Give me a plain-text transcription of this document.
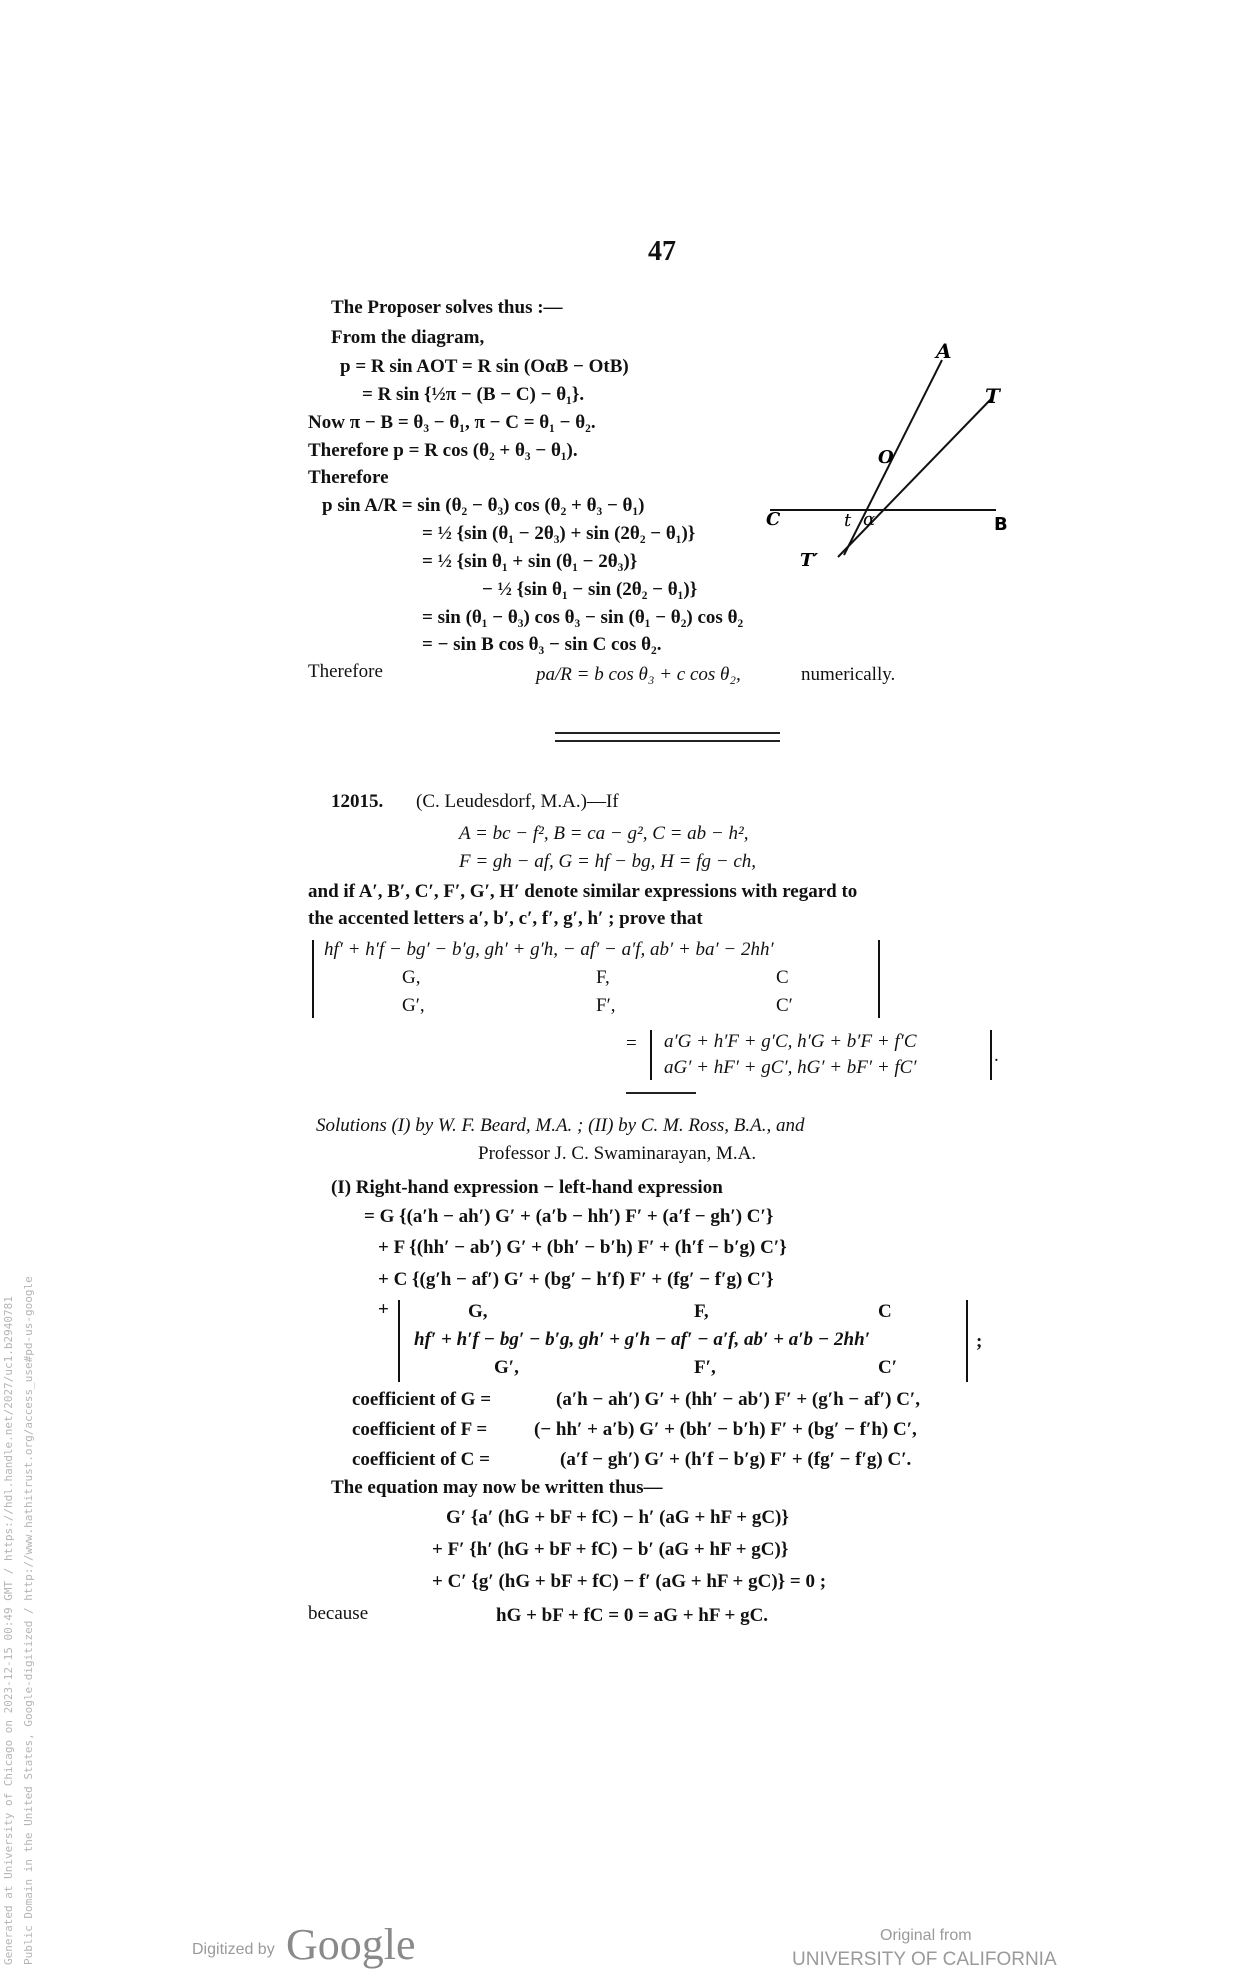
Generated at University of Chicago on 2023-12-15 00:49 GMT / https://hdl.handle.net/2027/uc1.b2940781 Public Domain in the United States, Google-digitized / http://www.hathitrust.org/access_use#pd-us-google
47
The Proposer solves thus :—
From the diagram,
p = R sin AOT = R sin (OαB − OtB)
= R sin {½π − (B − C) − θ₁}.
Now π − B = θ₃ − θ₁, π − C = θ₁ − θ₂.
Therefore p = R cos (θ₂ + θ₃ − θ₁).
Therefore
p sin A/R = sin (θ₂ − θ₃) cos (θ₂ + θ₃ − θ₁)
= ½ {sin (θ₁ − 2θ₃) + sin (2θ₂ − θ₁)}
= ½ {sin θ₁ + sin (θ₁ − 2θ₃)}
− ½ {sin θ₁ − sin (2θ₂ − θ₁)}
= sin (θ₁ − θ₃) cos θ₃ − sin (θ₁ − θ₂) cos θ₂
= − sin B cos θ₃ − sin C cos θ₂.
Therefore	pa/R = b cos θ₃ + c cos θ₂,	numerically.
A
T
O
C	t α	B
T′
12015. (C. Leudesdorf, M.A.)—If
A = bc − f², B = ca − g², C = ab − h²,
F = gh − af, G = hf − bg, H = fg − ch,
and if A′, B′, C′, F′, G′, H′ denote similar expressions with regard to
the accented letters a′, b′, c′, f′, g′, h′ ; prove that
hf′ + h′f − bg′ − b′g, gh′ + g′h, − af′ − a′f, ab′ + ba′ − 2hh′
G,	F,	C
G′,	F′,	C′
= a′G + h′F + g′C, h′G + b′F + f′C
aG′ + hF′ + gC′, hG′ + bF′ + fC′
.
Solutions (I) by W. F. Beard, M.A. ; (II) by C. M. Ross, B.A., and
Professor J. C. Swaminarayan, M.A.
(I) Right-hand expression − left-hand expression
= G {(a′h − ah′) G′ + (a′b − hh′) F′ + (a′f − gh′) C′}
+ F {(hh′ − ab′) G′ + (bh′ − b′h) F′ + (h′f − b′g) C′}
+ C {(g′h − af′) G′ + (bg′ − h′f) F′ + (fg′ − f′g) C′}
+	G,	F,	C
hf′ + h′f − bg′ − b′g, gh′ + g′h − af′ − a′f, ab′ + a′b − 2hh′
G′,	F′,	C′
;
coefficient of G =	(a′h − ah′) G′ + (hh′ − ab′) F′ + (g′h − af′) C′,
coefficient of F = (− hh′ + a′b) G′ + (bh′ − b′h) F′ + (bg′ − f′h) C′,
coefficient of C =	(a′f − gh′) G′ + (h′f − b′g) F′ + (fg′ − f′g) C′.
The equation may now be written thus—
G′ {a′ (hG + bF + fC) − h′ (aG + hF + gC)}
+ F′ {h′ (hG + bF + fC) − b′ (aG + hF + gC)}
+ C′ {g′ (hG + bF + fC) − f′ (aG + hF + gC)} = 0 ;
because	hG + bF + fC = 0 = aG + hF + gC.
Digitized by Google	Original from
UNIVERSITY OF CALIFORNIA
